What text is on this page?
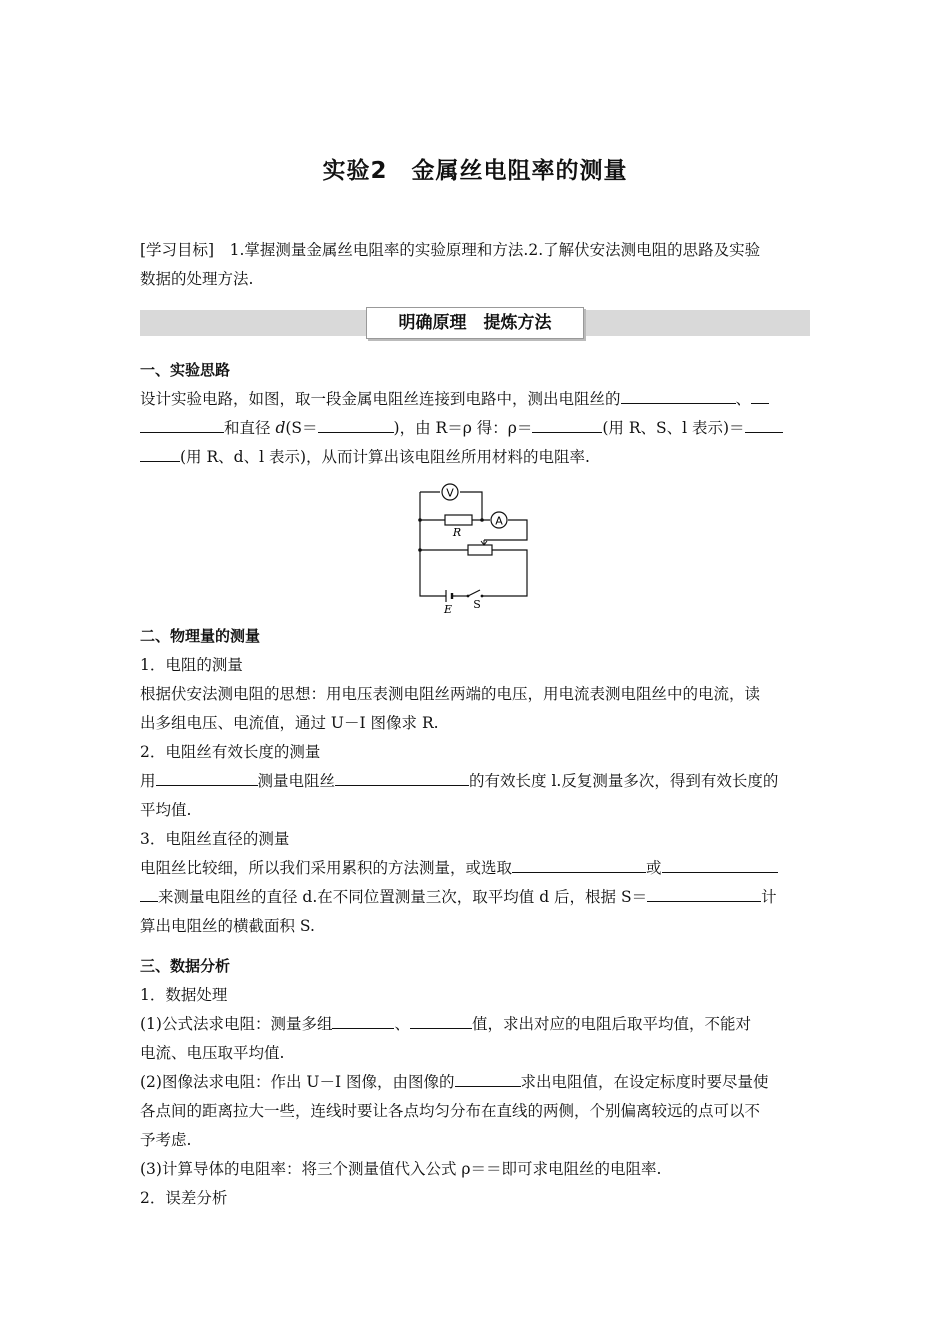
实验2　金属丝电阻率的测量

[学习目标]　 1.掌握测量金属丝电阻率的实验原理和方法.2.了解伏安法测电阻的思路及实验

数据的处理方法.

明确原理　 提炼方法

一、实验思路

设计实验电路，如图，取一段金属电阻丝连接到电路中，测出电阻丝的	、

和直径 d(S＝	)，由 R＝ρ 得：ρ＝	(用 R、S、l 表示)＝

(用 R、d、l 表示)，从而计算出该电阻丝所用材料的电阻率.

V
A
R
E S

二、物理量的测量

1．电阻的测量

根据伏安法测电阻的思想：用电压表测电阻丝两端的电压，用电流表测电阻丝中的电流，读

出多组电压、电流值，通过 U－I 图像求 R.

2．电阻丝有效长度的测量

用	测量电阻丝	的有效长度 l.反复测量多次，得到有效长度的

平均值.

3．电阻丝直径的测量

电阻丝比较细，所以我们采用累积的方法测量，或选取	或

来测量电阻丝的直径 d.在不同位置测量三次，取平均值 d 后，根据 S＝	计

算出电阻丝的横截面积 S.

三、数据分析

1．数据处理

(1)公式法求电阻：测量多组	、	值，求出对应的电阻后取平均值，不能对

电流、电压取平均值.

(2)图像法求电阻：作出 U－I 图像，由图像的	求出电阻值，在设定标度时要尽量使

各点间的距离拉大一些，连线时要让各点均匀分布在直线的两侧，个别偏离较远的点可以不

予考虑.

(3)计算导体的电阻率：将三个测量值代入公式 ρ＝＝即可求电阻丝的电阻率.

2．误差分析
